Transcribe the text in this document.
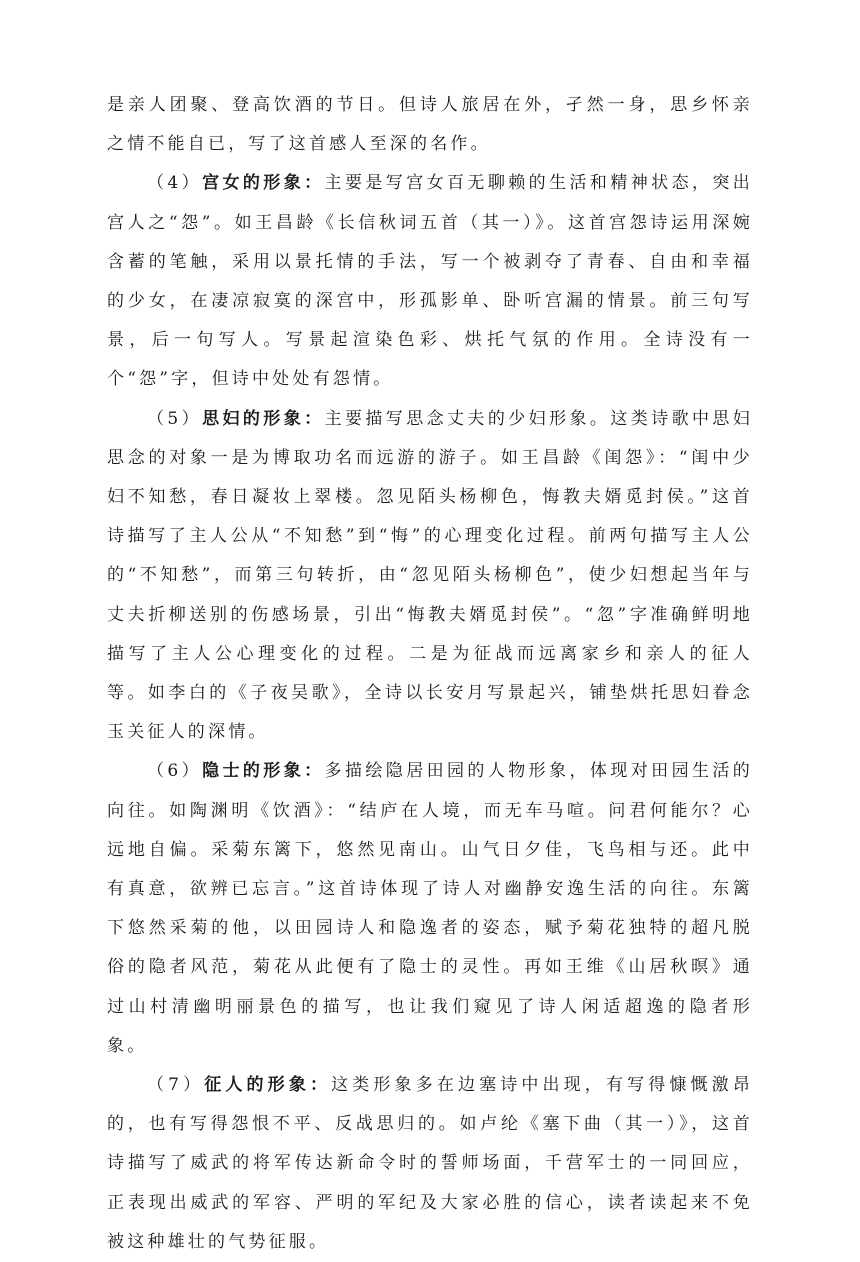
是亲人团聚、登高饮酒的节日。但诗人旅居在外，孑然一身，思乡怀亲之情不能自已，写了这首感人至深的名作。

（4）宫女的形象：主要是写宫女百无聊赖的生活和精神状态，突出宫人之“怨”。如王昌龄《长信秋词五首（其一）》。这首宫怨诗运用深婉含蓄的笔触，采用以景托情的手法，写一个被剥夺了青春、自由和幸福的少女，在凄凉寂寞的深宫中，形孤影单、卧听宫漏的情景。前三句写景，后一句写人。写景起渲染色彩、烘托气氛的作用。全诗没有一个“怨”字，但诗中处处有怨情。

（5）思妇的形象：主要描写思念丈夫的少妇形象。这类诗歌中思妇思念的对象一是为博取功名而远游的游子。如王昌龄《闺怨》：“闺中少妇不知愁，春日凝妆上翠楼。忽见陌头杨柳色，悔教夫婿觅封侯。”这首诗描写了主人公从“不知愁”到“悔”的心理变化过程。前两句描写主人公的“不知愁”，而第三句转折，由“忽见陌头杨柳色”，使少妇想起当年与丈夫折柳送别的伤感场景，引出“悔教夫婿觅封侯”。“忽”字准确鲜明地描写了主人公心理变化的过程。二是为征战而远离家乡和亲人的征人等。如李白的《子夜吴歌》，全诗以长安月写景起兴，铺垫烘托思妇眷念玉关征人的深情。

（6）隐士的形象：多描绘隐居田园的人物形象，体现对田园生活的向往。如陶渊明《饮酒》：“结庐在人境，而无车马喧。问君何能尔？心远地自偏。采菊东篱下，悠然见南山。山气日夕佳，飞鸟相与还。此中有真意，欲辨已忘言。”这首诗体现了诗人对幽静安逸生活的向往。东篱下悠然采菊的他，以田园诗人和隐逸者的姿态，赋予菊花独特的超凡脱俗的隐者风范，菊花从此便有了隐士的灵性。再如王维《山居秋暝》通过山村清幽明丽景色的描写，也让我们窥见了诗人闲适超逸的隐者形象。

（7）征人的形象：这类形象多在边塞诗中出现，有写得慷慨激昂的，也有写得怨恨不平、反战思归的。如卢纶《塞下曲（其一）》，这首诗描写了威武的将军传达新命令时的誓师场面，千营军士的一同回应，正表现出威武的军容、严明的军纪及大家必胜的信心，读者读起来不免被这种雄壮的气势征服。
